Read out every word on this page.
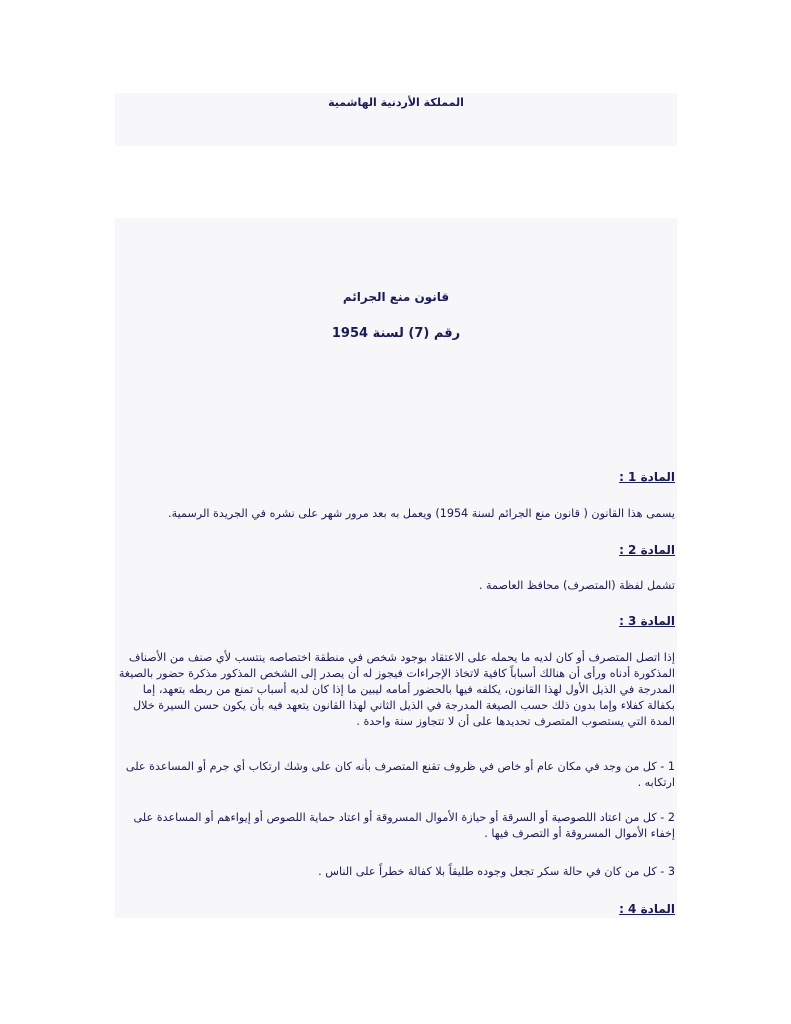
المملكة الأردنية الهاشمية
قانون منع الجرائم
رقم (7) لسنة 1954
المادة 1 :
يسمى هذا القانون ( قانون منع الجرائم لسنة 1954) ويعمل به بعد مرور شهر على نشره في الجريدة الرسمية.
المادة 2 :
تشمل لفظة (المتصرف) محافظ العاصمة .
المادة 3 :
إذا اتصل المتصرف أو كان لديه ما يحمله على الاعتقاد بوجود شخص في منطقة اختصاصه ينتسب لأي صنف من الأصناف المذكورة أدناه ورأى أن هنالك أسباباً كافية لاتخاذ الإجراءات فيجوز له أن يصدر إلى الشخص المذكور مذكرة حضور بالصيغة المدرجة في الذيل الأول لهذا القانون، يكلفه فيها بالحضور أمامه ليبين ما إذا كان لديه أسباب تمنع من ربطه بتعهد، إما بكفالة كفلاء وإما بدون ذلك حسب الصيغة المدرجة في الذيل الثاني لهذا القانون يتعهد فيه بأن يكون حسن السيرة خلال المدة التي يستصوب المتصرف تحديدها على أن لا تتجاوز سنة واحدة .
1 - كل من وجد في مكان عام أو خاص في ظروف تقنع المتصرف بأنه كان على وشك ارتكاب أي جرم أو المساعدة على ارتكابه .
2 - كل من اعتاد اللصوصية أو السرقة أو حيازة الأموال المسروقة أو اعتاد حماية اللصوص أو إيواءهم أو المساعدة على إخفاء الأموال المسروقة أو التصرف فيها .
3 - كل من كان في حالة سكر تجعل وجوده طليقاً بلا كفالة خطراً على الناس .
المادة 4 :
